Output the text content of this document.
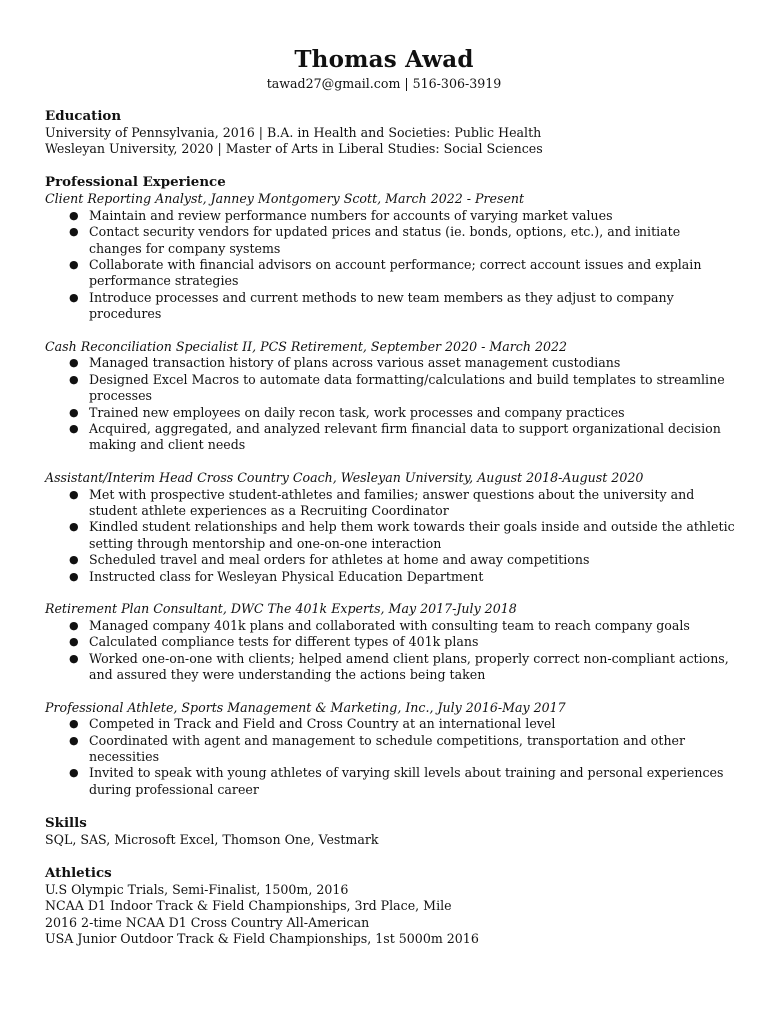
Thomas Awad
tawad27@gmail.com | 516-306-3919
Education
University of Pennsylvania, 2016 | B.A. in Health and Societies: Public Health
Wesleyan University, 2020 | Master of Arts in Liberal Studies: Social Sciences
Professional Experience
Client Reporting Analyst, Janney Montgomery Scott, March 2022 - Present
● Maintain and review performance numbers for accounts of varying market values
● Contact security vendors for updated prices and status (ie. bonds, options, etc.), and initiate changes for company systems
● Collaborate with financial advisors on account performance; correct account issues and explain performance strategies
● Introduce processes and current methods to new team members as they adjust to company procedures
Cash Reconciliation Specialist II, PCS Retirement, September 2020 - March 2022
● Managed transaction history of plans across various asset management custodians
● Designed Excel Macros to automate data formatting/calculations and build templates to streamline processes
● Trained new employees on daily recon task, work processes and company practices
● Acquired, aggregated, and analyzed relevant firm financial data to support organizational decision making and client needs
Assistant/Interim Head Cross Country Coach, Wesleyan University, August 2018-August 2020
● Met with prospective student-athletes and families; answer questions about the university and student athlete experiences as a Recruiting Coordinator
● Kindled student relationships and help them work towards their goals inside and outside the athletic setting through mentorship and one-on-one interaction
● Scheduled travel and meal orders for athletes at home and away competitions
● Instructed class for Wesleyan Physical Education Department
Retirement Plan Consultant, DWC The 401k Experts, May 2017-July 2018
● Managed company 401k plans and collaborated with consulting team to reach company goals
● Calculated compliance tests for different types of 401k plans
● Worked one-on-one with clients; helped amend client plans, properly correct non-compliant actions, and assured they were understanding the actions being taken
Professional Athlete, Sports Management & Marketing, Inc., July 2016-May 2017
● Competed in Track and Field and Cross Country at an international level
● Coordinated with agent and management to schedule competitions, transportation and other necessities
● Invited to speak with young athletes of varying skill levels about training and personal experiences during professional career
Skills
SQL, SAS, Microsoft Excel, Thomson One, Vestmark
Athletics
U.S Olympic Trials, Semi-Finalist, 1500m, 2016
NCAA D1 Indoor Track & Field Championships, 3rd Place, Mile
2016 2-time NCAA D1 Cross Country All-American
USA Junior Outdoor Track & Field Championships, 1st 5000m 2016
